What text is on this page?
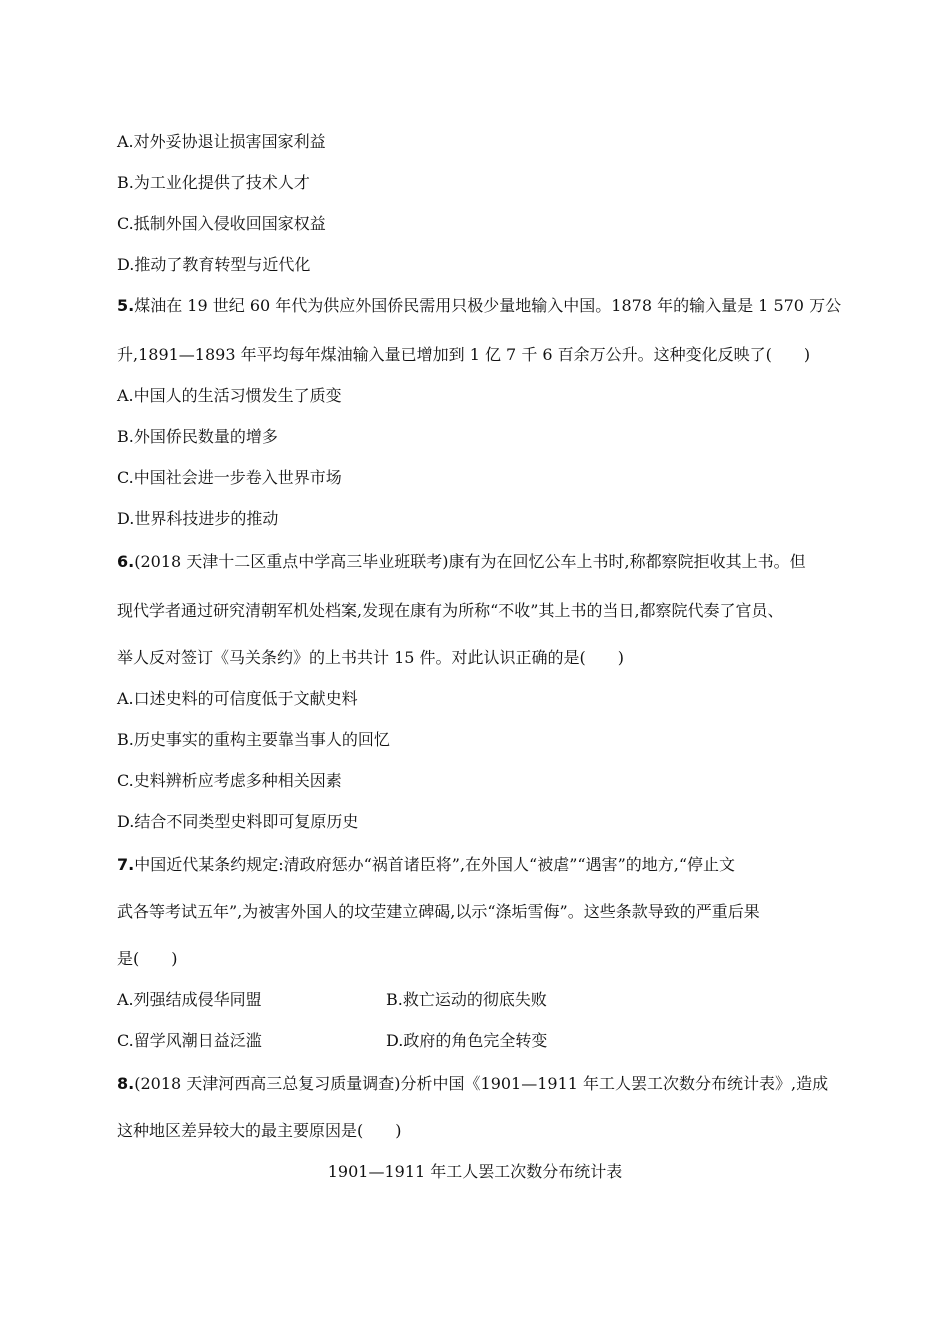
A.对外妥协退让损害国家利益
B.为工业化提供了技术人才
C.抵制外国入侵收回国家权益
D.推动了教育转型与近代化
5.煤油在 19 世纪 60 年代为供应外国侨民需用只极少量地输入中国。1878 年的输入量是 1 570 万公
升,1891—1893 年平均每年煤油输入量已增加到 1 亿 7 千 6 百余万公升。这种变化反映了(　　)
A.中国人的生活习惯发生了质变
B.外国侨民数量的增多
C.中国社会进一步卷入世界市场
D.世界科技进步的推动
6.(2018 天津十二区重点中学高三毕业班联考)康有为在回忆公车上书时,称都察院拒收其上书。但
现代学者通过研究清朝军机处档案,发现在康有为所称“不收”其上书的当日,都察院代奏了官员、
举人反对签订《马关条约》的上书共计 15 件。对此认识正确的是(　　)
A.口述史料的可信度低于文献史料
B.历史事实的重构主要靠当事人的回忆
C.史料辨析应考虑多种相关因素
D.结合不同类型史料即可复原历史
7.中国近代某条约规定:清政府惩办“祸首诸臣将”,在外国人“被虐”“遇害”的地方,“停止文
武各等考试五年”,为被害外国人的坟茔建立碑碣,以示“涤垢雪侮”。这些条款导致的严重后果
是(　　)
A.列强结成侵华同盟	B.救亡运动的彻底失败
C.留学风潮日益泛滥	D.政府的角色完全转变
8.(2018 天津河西高三总复习质量调查)分析中国《1901—1911 年工人罢工次数分布统计表》,造成
这种地区差异较大的最主要原因是(　　)
1901—1911 年工人罢工次数分布统计表
